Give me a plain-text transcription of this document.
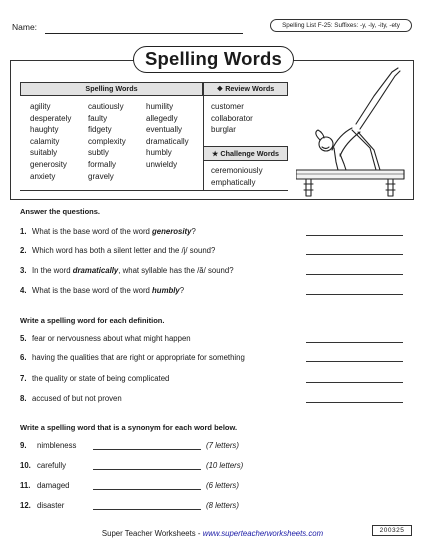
Name:	Spelling List F-25: Suffixes: -y, -ly, -ity, -ety
Spelling Words
Spelling Words	❖ Review Words
★ Challenge Words
agility
desperately
haughty
calamity
suitably
generosity
anxiety
cautiously
faulty
fidgety
complexity
subtly
formally
gravely
humility
allegedly
eventually
dramatically
humbly
unwieldy
customer
collaborator
burglar
ceremoniously
emphatically
Answer the questions.
1. What is the base word of the word generosity?
2. Which word has both a silent letter and the /j/ sound?
3. In the word dramatically, what syllable has the /ă/ sound?
4. What is the base word of the word humbly?
Write a spelling word for each definition.
5. fear or nervousness about what might happen
6. having the qualities that are right or appropriate for something
7. the quality or state of being complicated
8. accused of but not proven
Write a spelling word that is a synonym for each word below.
9. nimbleness	(7 letters)
10. carefully	(10 letters)
11. damaged	(6 letters)
12. disaster	(8 letters)
Super Teacher Worksheets - www.superteacherworksheets.com	200325
